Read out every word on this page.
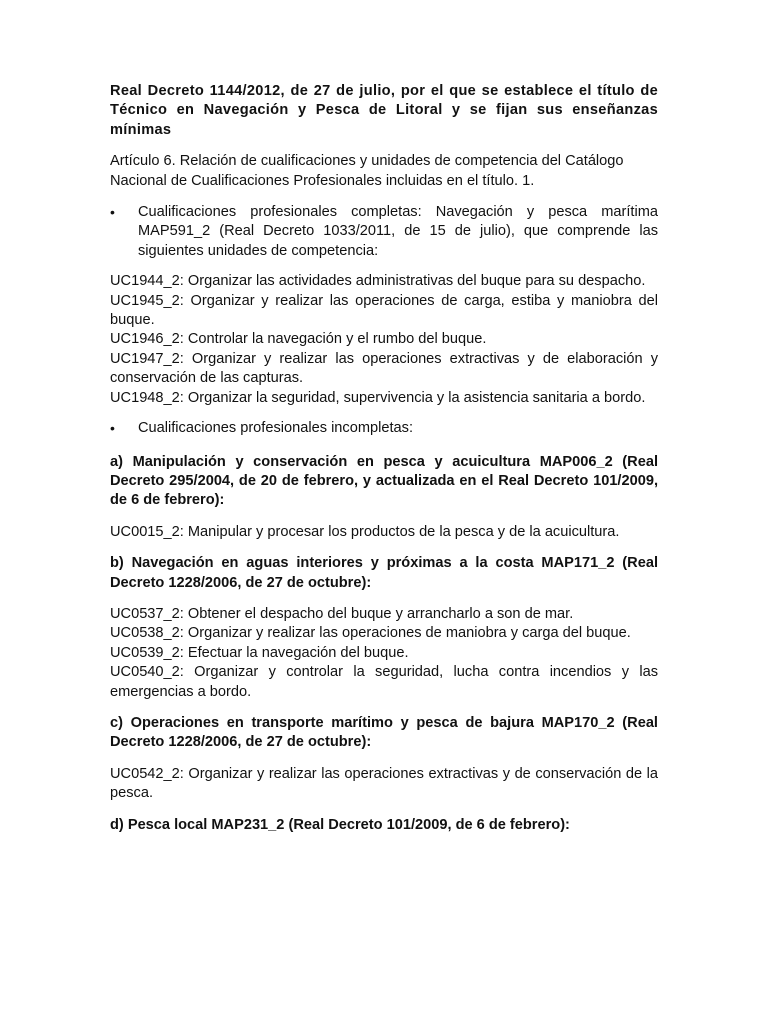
Real Decreto 1144/2012, de 27 de julio, por el que se establece el título de Técnico en Navegación y Pesca de Litoral y se fijan sus enseñanzas mínimas

Artículo 6. Relación de cualificaciones y unidades de competencia del Catálogo Nacional de Cualificaciones Profesionales incluidas en el título. 1.

•	Cualificaciones profesionales completas: Navegación y pesca marítima MAP591_2 (Real Decreto 1033/2011, de 15 de julio), que comprende las siguientes unidades de competencia:

UC1944_2: Organizar las actividades administrativas del buque para su despacho.

UC1945_2: Organizar y realizar las operaciones de carga, estiba y maniobra del buque.

UC1946_2: Controlar la navegación y el rumbo del buque.

UC1947_2: Organizar y realizar las operaciones extractivas y de elaboración y conservación de las capturas.

UC1948_2: Organizar la seguridad, supervivencia y la asistencia sanitaria a bordo.

•	Cualificaciones profesionales incompletas:

a) Manipulación y conservación en pesca y acuicultura MAP006_2 (Real Decreto 295/2004, de 20 de febrero, y actualizada en el Real Decreto 101/2009, de 6 de febrero):

UC0015_2: Manipular y procesar los productos de la pesca y de la acuicultura.

b) Navegación en aguas interiores y próximas a la costa MAP171_2 (Real Decreto 1228/2006, de 27 de octubre):

UC0537_2: Obtener el despacho del buque y arrancharlo a son de mar.

UC0538_2: Organizar y realizar las operaciones de maniobra y carga del buque.

UC0539_2: Efectuar la navegación del buque.

UC0540_2: Organizar y controlar la seguridad, lucha contra incendios y las emergencias a bordo.

c) Operaciones en transporte marítimo y pesca de bajura MAP170_2 (Real Decreto 1228/2006, de 27 de octubre):

UC0542_2: Organizar y realizar las operaciones extractivas y de conservación de la pesca.

d) Pesca local MAP231_2 (Real Decreto 101/2009, de 6 de febrero):
